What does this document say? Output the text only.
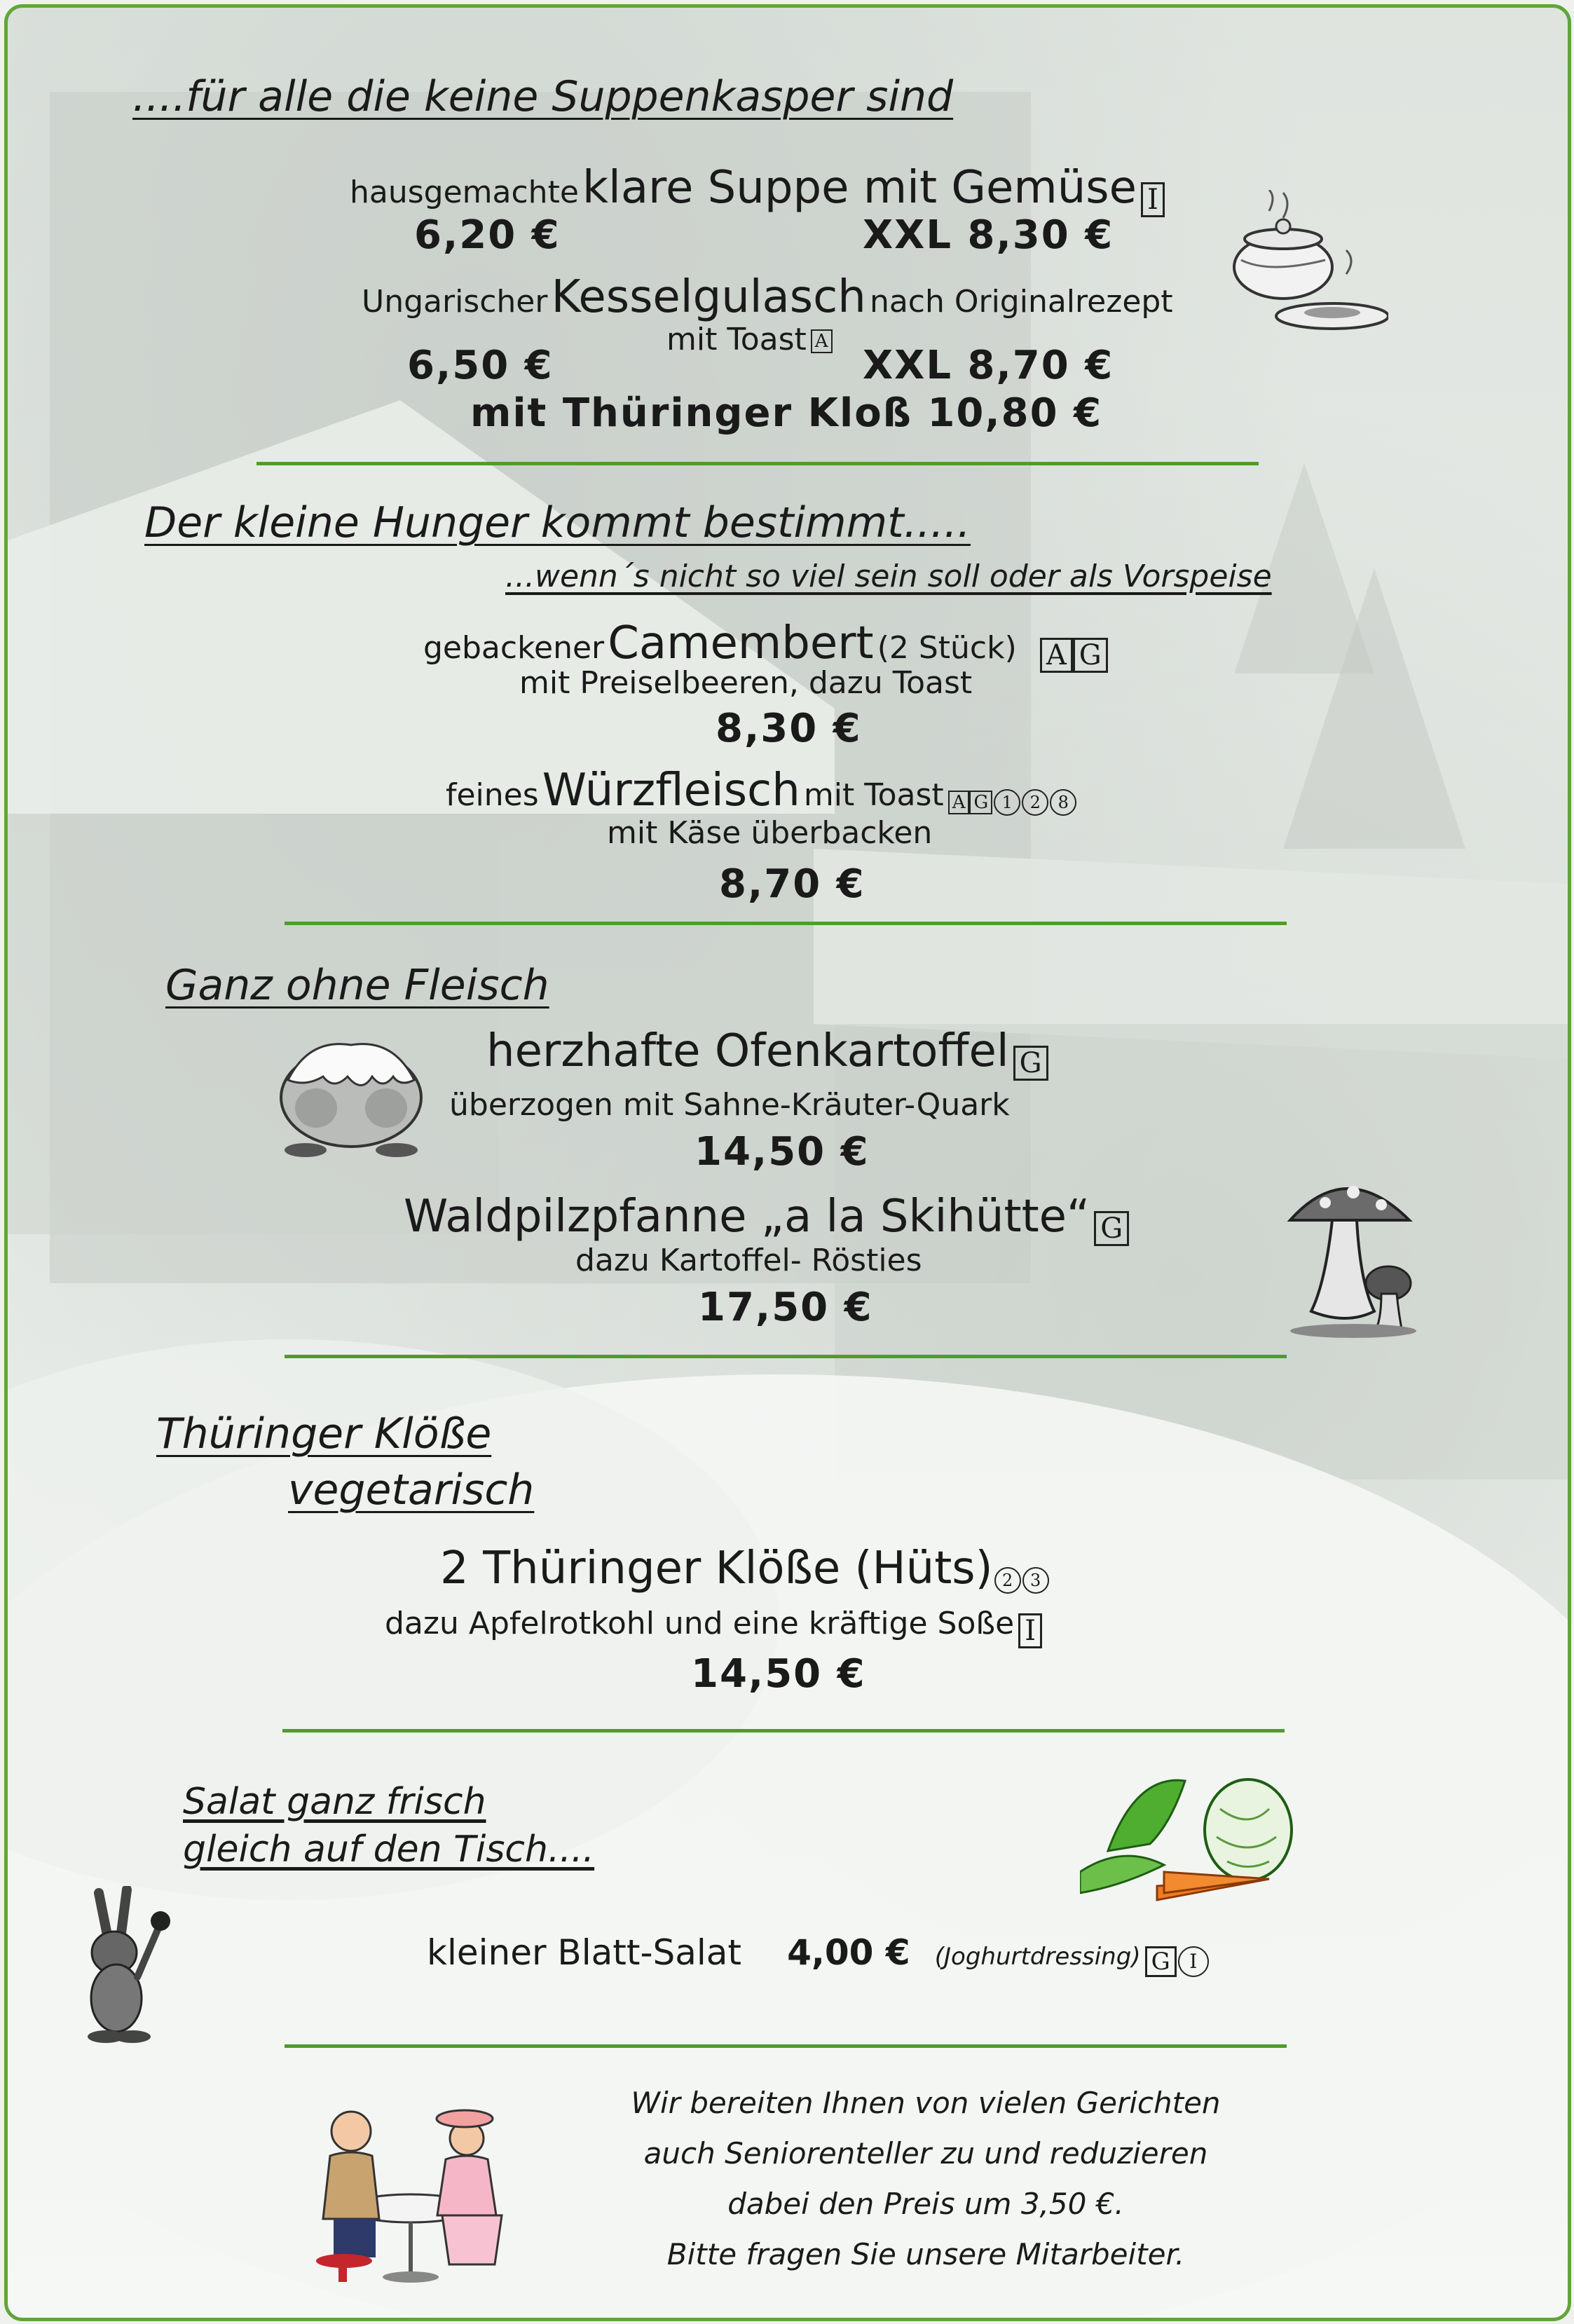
....für alle die keine Suppenkasper sind
hausgemachte klare Suppe mit Gemüse I
6,20 €	XXL 8,30 €
Ungarischer Kesselgulasch nach Originalrezept
mit Toast A
6,50 €	XXL 8,70 €
mit Thüringer Kloß 10,80 €
Der kleine Hunger kommt bestimmt.....
...wenn´s nicht so viel sein soll oder als Vorspeise
gebackener Camembert (2 Stück) A G
mit Preiselbeeren, dazu Toast
8,30 €
feines Würzfleisch mit Toast A G 1 2 8
mit Käse überbacken
8,70 €
Ganz ohne Fleisch
herzhafte Ofenkartoffel G
überzogen mit Sahne-Kräuter-Quark
14,50 €
Waldpilzpfanne „a la Skihütte“ G
dazu Kartoffel- Rösties
17,50 €
Thüringer Klöße
vegetarisch
2 Thüringer Klöße (Hüts) 2 3
dazu Apfelrotkohl und eine kräftige Soße I
14,50 €
Salat ganz frisch
gleich auf den Tisch....
kleiner Blatt-Salat 4,00 € (Joghurtdressing) G I
Wir bereiten Ihnen von vielen Gerichten
auch Seniorenteller zu und reduzieren
dabei den Preis um 3,50 €.
Bitte fragen Sie unsere Mitarbeiter.
